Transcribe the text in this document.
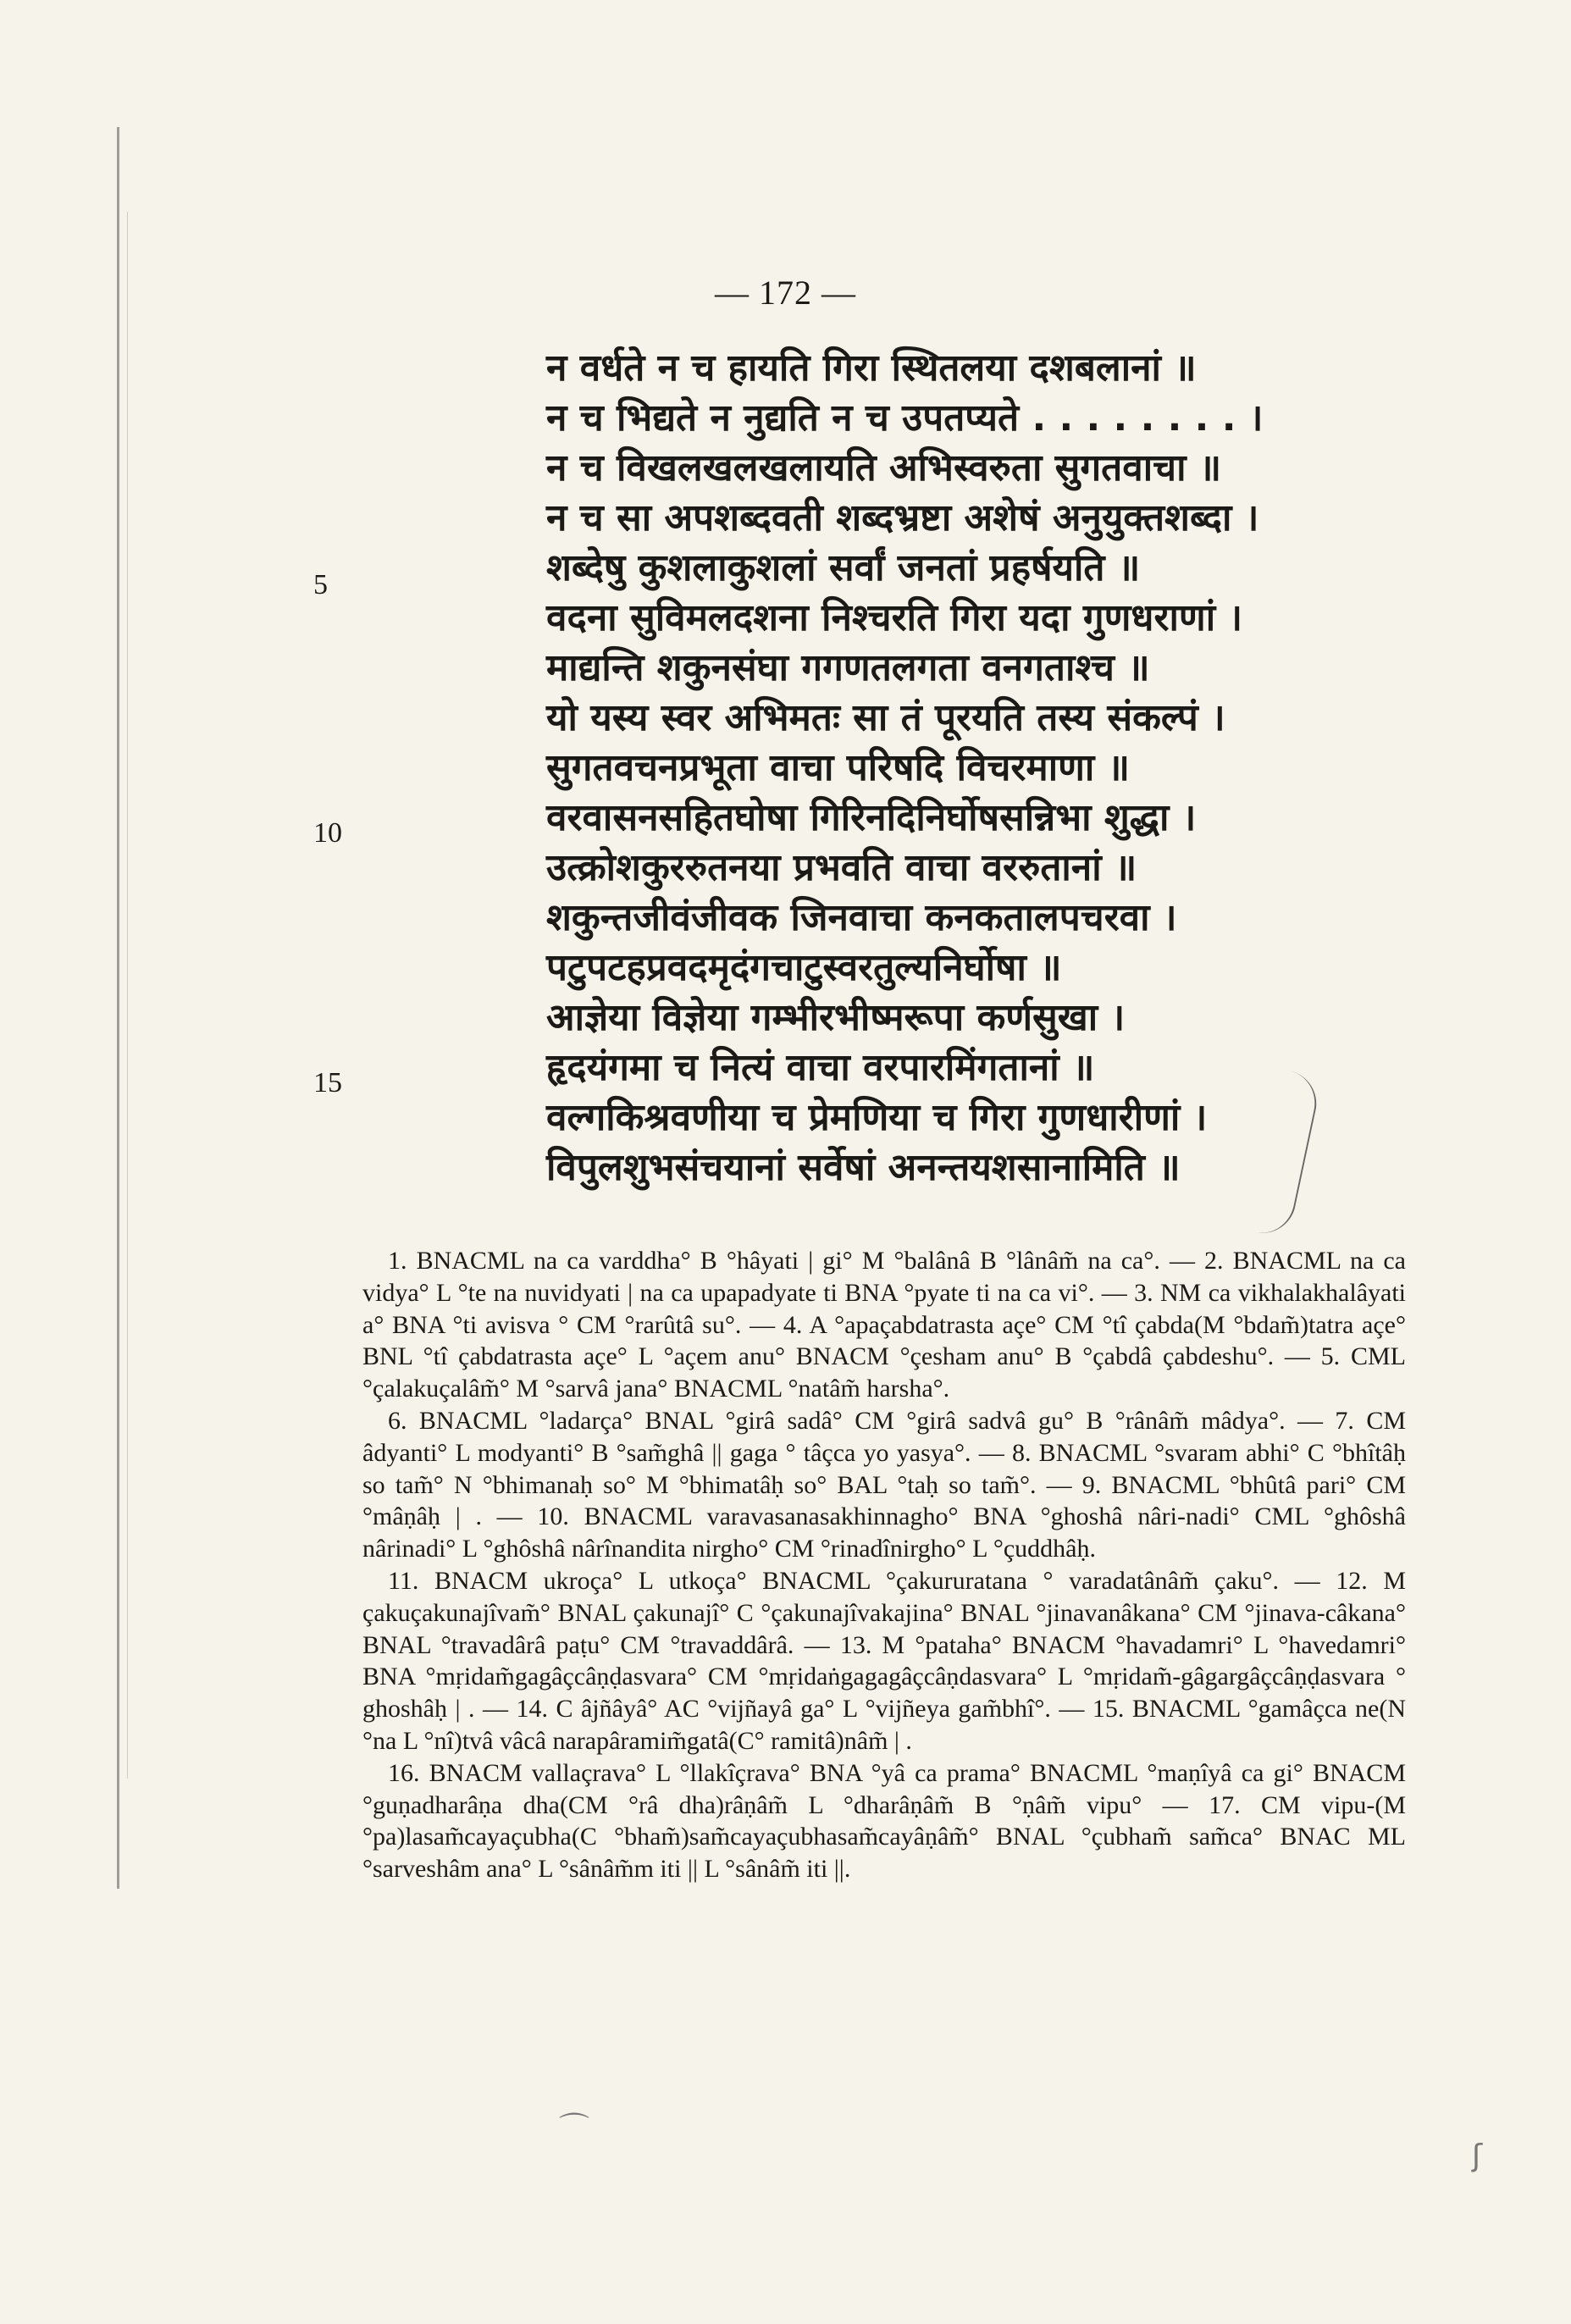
— 172 —
5
10
15
न वर्धते न च हायति गिरा स्थितलया दशबलानां ॥
न च भिद्यते न नुद्यति न च उपतप्यते . . . . . . . . ।
न च विखलखलखलायति अभिस्वरुता सुगतवाचा ॥
न च सा अपशब्दवती शब्दभ्रष्टा अशेषं अनुयुक्तशब्दा ।
शब्देषु कुशलाकुशलां सर्वां जनतां प्रहर्षयति ॥
वदना सुविमलदशना निश्चरति गिरा यदा गुणधराणां ।
माद्यन्ति शकुनसंघा गगणतलगता वनगताश्च ॥
यो यस्य स्वर अभिमतः सा तं पूरयति तस्य संकल्पं ।
सुगतवचनप्रभूता वाचा परिषदि विचरमाणा ॥
वरवासनसहितघोषा गिरिनदिनिर्घोषसन्निभा शुद्धा ।
उत्क्रोशकुररुतनया प्रभवति वाचा वररुतानां ॥
शकुन्तजीवंजीवक जिनवाचा कनकतालपचरवा ।
पटुपटहप्रवदमृदंगचाटुस्वरतुल्यनिर्घोषा ॥
आज्ञेया विज्ञेया गम्भीरभीष्मरूपा कर्णसुखा ।
हृदयंगमा च नित्यं वाचा वरपारमिंगतानां ॥
वल्गकिश्रवणीया च प्रेमणिया च गिरा गुणधारीणां ।
विपुलशुभसंचयानां सर्वेषां अनन्तयशसानामिति ॥

1. BNACML na ca varddha° B °hâyati | gi° M °balânâ B °lânâm̃ na ca°. — 2. BNACML na ca vidya° L °te na nuvidyati | na ca upapadyate ti BNA °pyate ti na ca vi°. — 3. NM ca vikhalakhalâyati a° BNA °ti avisva ° CM °rarûtâ su°. — 4. A °apaçabdatrasta açe° CM °tî çabda(M °bdam̃)tatra açe° BNL °tî çabdatrasta açe° L °açem anu° BNACM °çesham anu° B °çabdâ çabdeshu°. — 5. CML °çalakuçalâm̃° M °sarvâ jana° BNACML °natâm̃ harsha°.

6. BNACML °ladarça° BNAL °girâ sadâ° CM °girâ sadvâ gu° B °rânâm̃ mâdya°. — 7. CM âdyanti° L modyanti° B °sam̃ghâ || gaga ° tâçca yo yasya°. — 8. BNACML °svaram abhi° C °bhîtâḥ so tam̃° N °bhimanaḥ so° M °bhimatâḥ so° BAL °taḥ so tam̃°. — 9. BNACML °bhûtâ pari° CM °mâṇâḥ | . — 10. BNACML varavasanasakhinnagho° BNA °ghoshâ nâri-nadi° CML °ghôshâ nârinadi° L °ghôshâ nârînandita nirgho° CM °rinadînirgho° L °çuddhâḥ.

11. BNACM ukroça° L utkoça° BNACML °çakururatana ° varadatânâm̃ çaku°. — 12. M çakuçakunajîvam̃° BNAL çakunajî° C °çakunajîvakajina° BNAL °jinavanâkana° CM °jinava-câkana° BNAL °travadârâ paṭu° CM °travaddârâ. — 13. M °pataha° BNACM °havadamri° L °havedamri° BNA °mṛidam̃gagâçcâṇḍasvara° CM °mṛidaṅgagagâçcâṇdasvara° L °mṛidam̃-gâgargâçcâṇḍasvara ° ghoshâḥ | . — 14. C âjñâyâ° AC °vijñayâ ga° L °vijñeya gam̃bhî°. — 15. BNACML °gamâçca ne(N °na L °nî)tvâ vâcâ narapâramim̃gatâ(C° ramitâ)nâm̃ | .

16. BNACM vallaçrava° L °llakîçrava° BNA °yâ ca prama° BNACML °maṇîyâ ca gi° BNACM °guṇadharâṇa dha(CM °râ dha)râṇâm̃ L °dharâṇâm̃ B °ṇâm̃ vipu° — 17. CM vipu-(M °pa)lasam̃cayaçubha(C °bham̃)sam̃cayaçubhasam̃cayâṇâm̃° BNAL °çubham̃ sam̃ca° BNAC ML °sarveshâm ana° L °sânâm̃m iti || L °sânâm̃ iti ||.

⌒
ʃ
